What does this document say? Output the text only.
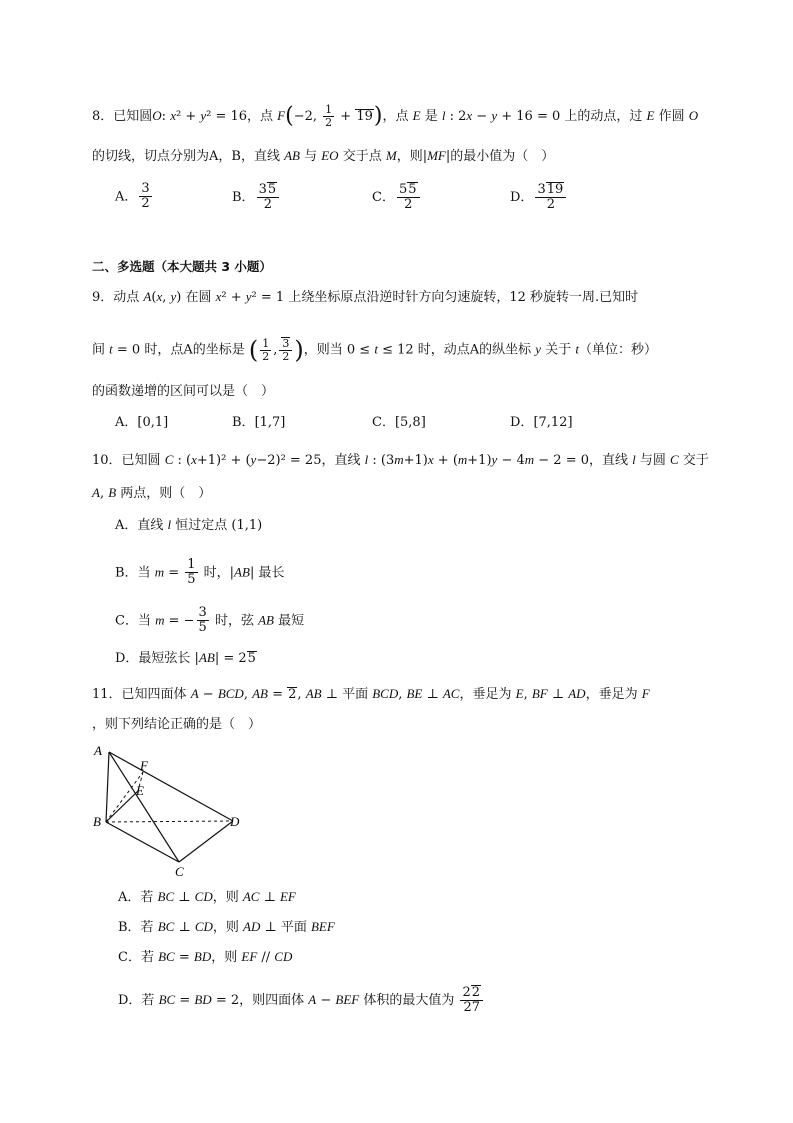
8．已知圆O: x² + y² = 16，点 F(−2, $\frac{1}{2} + 19$)，点 E 是 l : 2x − y + 16 = 0 上的动点，过 E 作圆 O
的切线，切点分别为A，B，直线 AB 与 EO 交于点 M，则|MF|的最小值为（　）
A． $\frac{3}{2}$	B． $\frac{35}{2}$	C． $\frac{55}{2}$	D． $\frac{319}{2}$
二、多选题（本大题共 3 小题）
9．动点 A(x, y) 在圆 x² + y² = 1 上绕坐标原点沿逆时针方向匀速旋转，12 秒旋转一周.已知时
间 t = 0 时，点A的坐标是 ( $\frac{1}{2}$ , $\frac{3}{2}$ )，则当 0 ≤ t ≤ 12 时，动点A的纵坐标 y 关于 t（单位：秒）
的函数递增的区间可以是（　）
A．[0,1]	B．[1,7]	C．[5,8]	D．[7,12]
10．已知圆 C : (x+1)² + (y−2)² = 25，直线 l : (3m+1)x + (m+1)y − 4m − 2 = 0，直线 l 与圆 C 交于
A, B 两点，则（　）
A．直线 l 恒过定点 (1,1)
B．当 $m = \frac{1}{5}$ 时，|AB| 最长
C．当 m = − $\frac{3}{5}$ 时，弦 AB 最短
D．最短弦长 |AB| = 25
11．已知四面体 A − BCD, AB = 2, AB ⊥ 平面 BCD, BE ⊥ AC，垂足为 E, BF ⊥ AD，垂足为 F
，则下列结论正确的是（　）
A
F
E
B	D
C
A．若 BC ⊥ CD，则 AC ⊥ EF
B．若 BC ⊥ CD，则 AD ⊥ 平面 BEF
C．若 BC = BD，则 EF // CD
D．若 BC = BD = 2，则四面体 A − BEF 体积的最大值为 $\frac{22}{27}$
